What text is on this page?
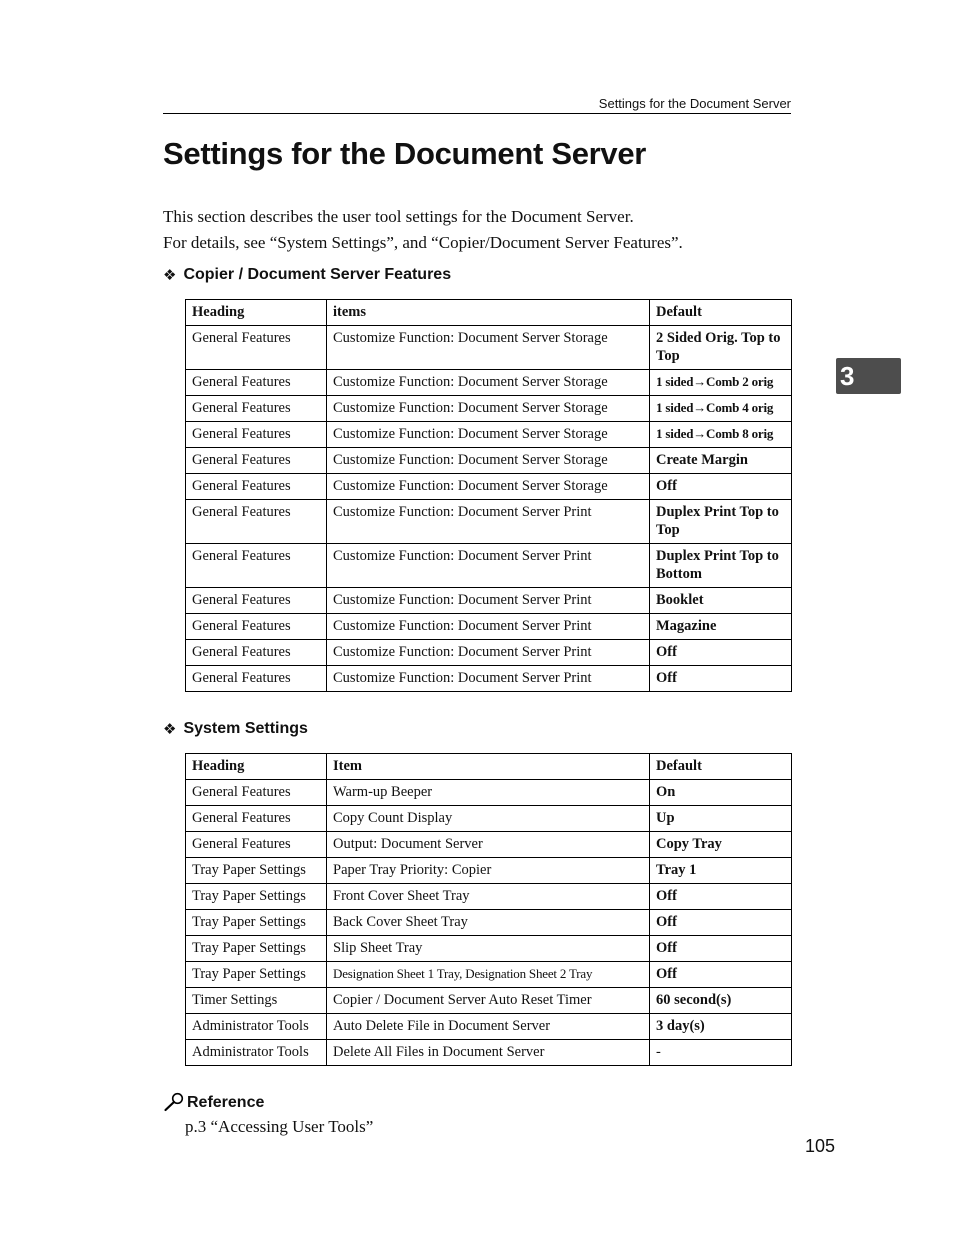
Settings for the Document Server
Settings for the Document Server

This section describes the user tool settings for the Document Server.

For details, see “System Settings”, and “Copier/Document Server Features”.

3
❖ Copier / Document Server Features
Heading	items	Default
General Features	Customize Function: Document Server Storage	2 Sided Orig. Top to Top
General Features	Customize Function: Document Server Storage	1 sided→Comb 2 orig
General Features	Customize Function: Document Server Storage	1 sided→Comb 4 orig
General Features	Customize Function: Document Server Storage	1 sided→Comb 8 orig
General Features	Customize Function: Document Server Storage	Create Margin
General Features	Customize Function: Document Server Storage	Off
General Features	Customize Function: Document Server Print	Duplex Print Top to Top
General Features	Customize Function: Document Server Print	Duplex Print Top to Bottom
General Features	Customize Function: Document Server Print	Booklet
General Features	Customize Function: Document Server Print	Magazine
General Features	Customize Function: Document Server Print	Off
General Features	Customize Function: Document Server Print	Off
❖ System Settings
Heading	Item	Default
General Features	Warm-up Beeper	On
General Features	Copy Count Display	Up
General Features	Output: Document Server	Copy Tray
Tray Paper Settings	Paper Tray Priority: Copier	Tray 1
Tray Paper Settings	Front Cover Sheet Tray	Off
Tray Paper Settings	Back Cover Sheet Tray	Off
Tray Paper Settings	Slip Sheet Tray	Off
Tray Paper Settings	Designation Sheet 1 Tray, Designation Sheet 2 Tray	Off
Timer Settings	Copier / Document Server Auto Reset Timer	60 second(s)
Administrator Tools	Auto Delete File in Document Server	3 day(s)
Administrator Tools	Delete All Files in Document Server	-
Reference
p.3 “Accessing User Tools”
105
